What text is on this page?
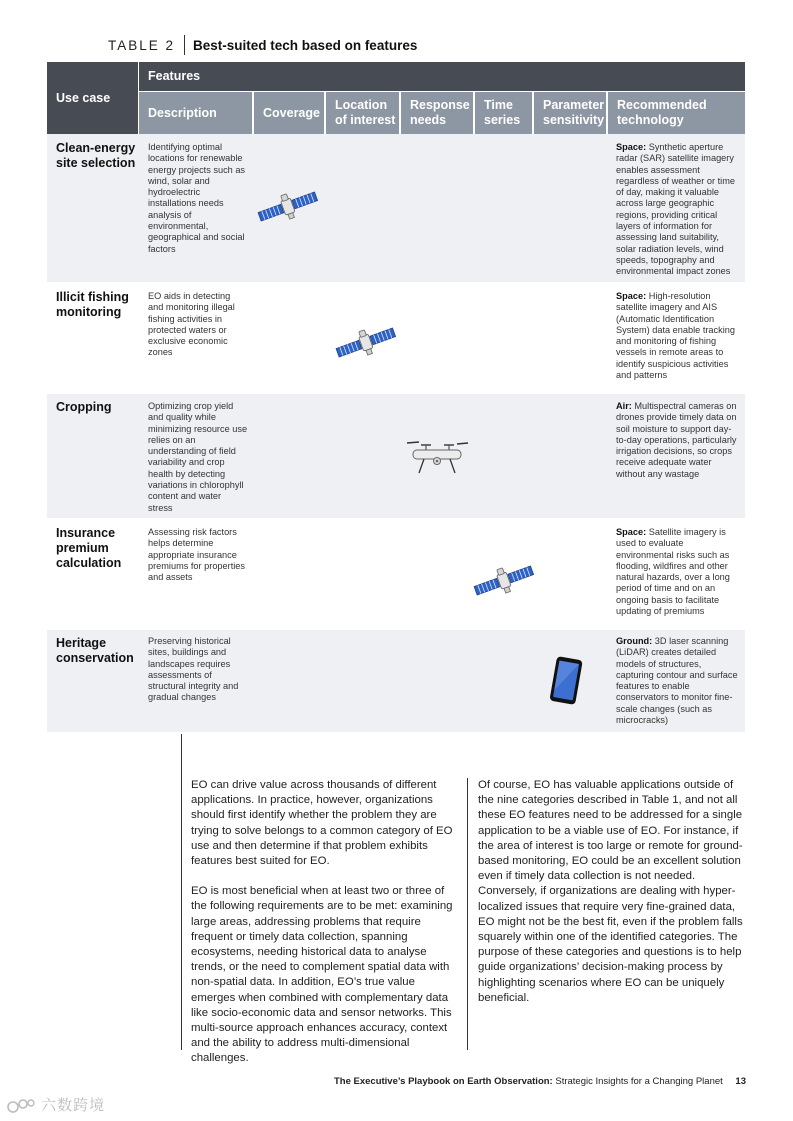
TABLE 2 Best-suited tech based on features
Use case
Features
Description	Coverage
Location of interest
Response needs
Time series
Parameter sensitivity
Recommended technology
Clean-energy site selection
Identifying optimal locations for renewable energy projects such as wind, solar and hydroelectric installations needs analysis of environmental, geographical and social factors
Space: Synthetic aperture radar (SAR) satellite imagery enables assessment regardless of weather or time of day, making it valuable across large geographic regions, providing critical layers of information for assessing land suitability, solar radiation levels, wind speeds, topography and environmental impact zones
Illicit fishing monitoring
EO aids in detecting and monitoring illegal fishing activities in protected waters or exclusive economic zones
Space: High-resolution satellite imagery and AIS (Automatic Identification System) data enable tracking and monitoring of fishing vessels in remote areas to identify suspicious activities and patterns
Cropping	Optimizing crop yield and quality while minimizing resource use relies on an understanding of field variability and crop health by detecting variations in chlorophyll content and water stress
Air: Multispectral cameras on drones provide timely data on soil moisture to support day-to-day operations, particularly irrigation decisions, so crops receive adequate water without any wastage
Insurance premium calculation
Assessing risk factors helps determine appropriate insurance premiums for properties and assets
Space: Satellite imagery is used to evaluate environmental risks such as flooding, wildfires and other natural hazards, over a long period of time and on an ongoing basis to facilitate updating of premiums
Heritage conservation
Preserving historical sites, buildings and landscapes requires assessments of structural integrity and gradual changes
Ground: 3D laser scanning (LiDAR) creates detailed models of structures, capturing contour and surface features to enable conservators to monitor fine-scale changes (such as microcracks)

EO can drive value across thousands of different applications. In practice, however, organizations should first identify whether the problem they are trying to solve belongs to a common category of EO use and then determine if that problem exhibits features best suited for EO.

EO is most beneficial when at least two or three of the following requirements are to be met: examining large areas, addressing problems that require frequent or timely data collection, spanning ecosystems, needing historical data to analyse trends, or the need to complement spatial data with non-spatial data. In addition, EO’s true value emerges when combined with complementary data like socio-economic data and sensor networks. This multi-source approach enhances accuracy, context and the ability to address multi-dimensional challenges.

Of course, EO has valuable applications outside of the nine categories described in Table 1, and not all these EO features need to be addressed for a single application to be a viable use of EO. For instance, if the area of interest is too large or remote for ground-based monitoring, EO could be an excellent solution even if timely data collection is not needed. Conversely, if organizations are dealing with hyper-localized issues that require very fine-grained data, EO might not be the best fit, even if the problem falls squarely within one of the identified categories. The purpose of these categories and questions is to help guide organizations’ decision-making process by highlighting scenarios where EO can be uniquely beneficial.

The Executive’s Playbook on Earth Observation: Strategic Insights for a Changing Planet 13
六数跨境
